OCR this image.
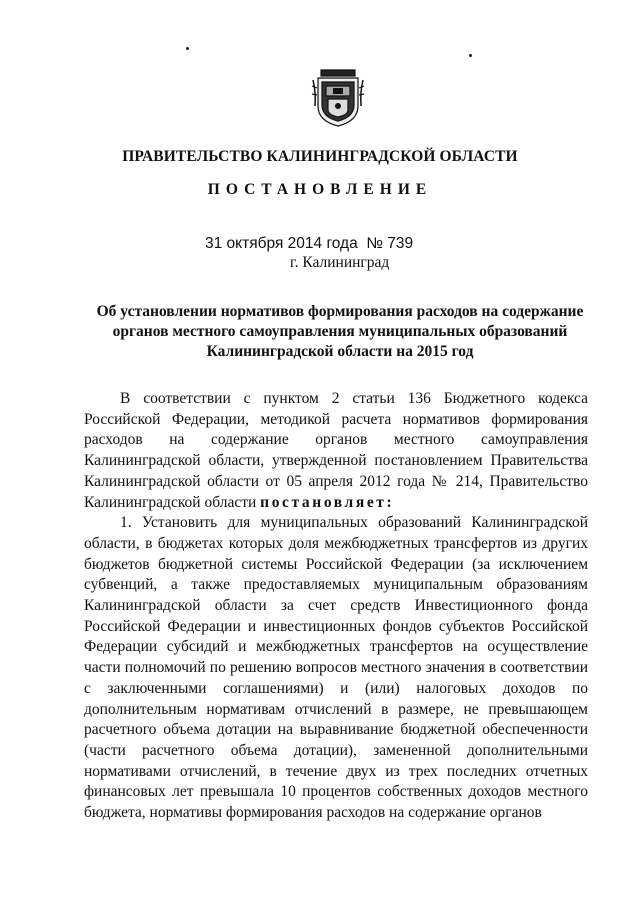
ПРАВИТЕЛЬСТВО КАЛИНИНГРАДСКОЙ ОБЛАСТИ
ПОСТАНОВЛЕНИЕ
31 октября 2014 года № 739
г. Калининград
Об установлении нормативов формирования расходов на содержание
органов местного самоуправления муниципальных образований
Калининградской области на 2015 год

В соответствии с пунктом 2 статьи 136 Бюджетного кодекса Российской Федерации, методикой расчета нормативов формирования расходов на содержание органов местного самоуправления Калининградской области, утвержденной постановлением Правительства Калининградской области от 05 апреля 2012 года № 214, Правительство Калининградской области постановляет:

1. Установить для муниципальных образований Калининградской области, в бюджетах которых доля межбюджетных трансфертов из других бюджетов бюджетной системы Российской Федерации (за исключением субвенций, а также предоставляемых муниципальным образованиям Калининградской области за счет средств Инвестиционного фонда Российской Федерации и инвестиционных фондов субъектов Российской Федерации субсидий и межбюджетных трансфертов на осуществление части полномочий по решению вопросов местного значения в соответствии с заключенными соглашениями) и (или) налоговых доходов по дополнительным нормативам отчислений в размере, не превышающем расчетного объема дотации на выравнивание бюджетной обеспеченности (части расчетного объема дотации), замененной дополнительными нормативами отчислений, в течение двух из трех последних отчетных финансовых лет превышала 10 процентов собственных доходов местного бюджета, нормативы формирования расходов на содержание органов
